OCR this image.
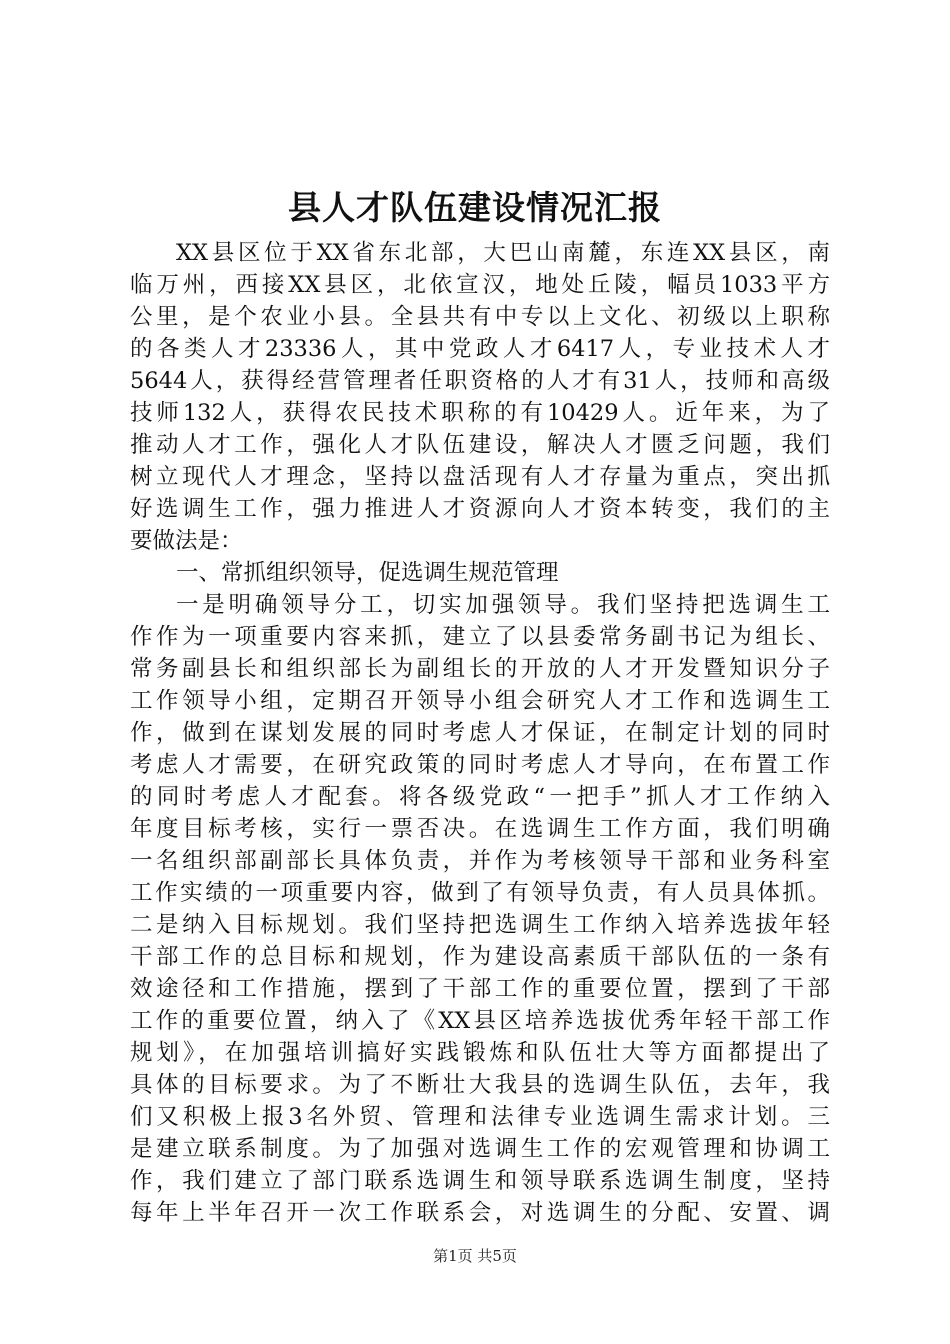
县人才队伍建设情况汇报
XX县区位于XX省东北部，大巴山南麓，东连XX县区，南
临万州，西接XX县区，北依宣汉，地处丘陵，幅员1033平方
公里，是个农业小县。全县共有中专以上文化、初级以上职称
的各类人才23336人，其中党政人才6417人，专业技术人才
5644人，获得经营管理者任职资格的人才有31人，技师和高级
技师132人，获得农民技术职称的有10429人。近年来，为了
推动人才工作，强化人才队伍建设，解决人才匮乏问题，我们
树立现代人才理念，坚持以盘活现有人才存量为重点，突出抓
好选调生工作，强力推进人才资源向人才资本转变，我们的主
要做法是：
一、常抓组织领导，促选调生规范管理
一是明确领导分工，切实加强领导。我们坚持把选调生工
作作为一项重要内容来抓，建立了以县委常务副书记为组长、
常务副县长和组织部长为副组长的开放的人才开发暨知识分子
工作领导小组，定期召开领导小组会研究人才工作和选调生工
作，做到在谋划发展的同时考虑人才保证，在制定计划的同时
考虑人才需要，在研究政策的同时考虑人才导向，在布置工作
的同时考虑人才配套。将各级党政“一把手”抓人才工作纳入
年度目标考核，实行一票否决。在选调生工作方面，我们明确
一名组织部副部长具体负责，并作为考核领导干部和业务科室
工作实绩的一项重要内容，做到了有领导负责，有人员具体抓。
二是纳入目标规划。我们坚持把选调生工作纳入培养选拔年轻
干部工作的总目标和规划，作为建设高素质干部队伍的一条有
效途径和工作措施，摆到了干部工作的重要位置，摆到了干部
工作的重要位置，纳入了《XX县区培养选拔优秀年轻干部工作
规划》，在加强培训搞好实践锻炼和队伍壮大等方面都提出了
具体的目标要求。为了不断壮大我县的选调生队伍，去年，我
们又积极上报3名外贸、管理和法律专业选调生需求计划。三
是建立联系制度。为了加强对选调生工作的宏观管理和协调工
作，我们建立了部门联系选调生和领导联系选调生制度，坚持
每年上半年召开一次工作联系会，对选调生的分配、安置、调
第1页 共5页
